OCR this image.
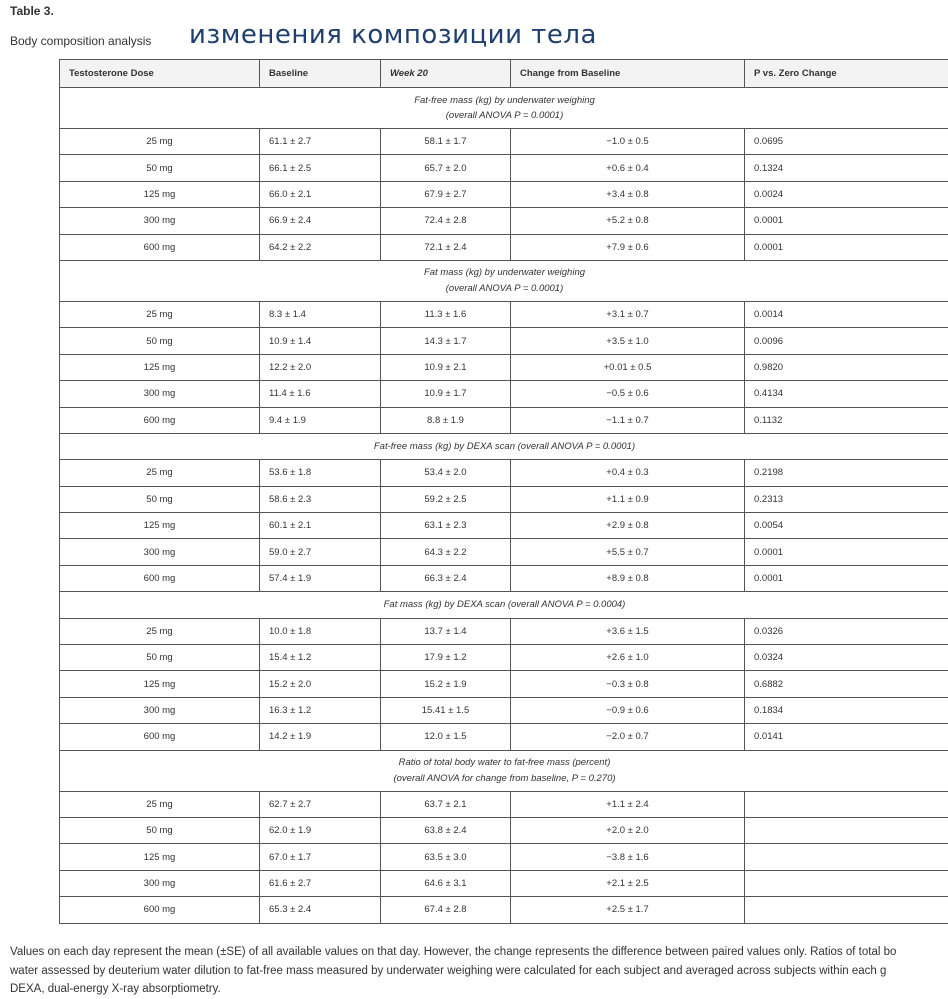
Table 3.
Body composition analysis изменения композиции тела
Testosterone Dose	Baseline	Week 20	Change from Baseline	P vs. Zero Change

Fat-free mass (kg) by underwater weighing
(overall ANOVA P = 0.0001)				

25 mg	61.1 ± 2.7	58.1 ± 1.7	−1.0 ± 0.5	0.0695
50 mg	66.1 ± 2.5	65.7 ± 2.0	+0.6 ± 0.4	0.1324
125 mg	66.0 ± 2.1	67.9 ± 2.7	+3.4 ± 0.8	0.0024
300 mg	66.9 ± 2.4	72.4 ± 2.8	+5.2 ± 0.8	0.0001
600 mg	64.2 ± 2.2	72.1 ± 2.4	+7.9 ± 0.6	0.0001

Fat mass (kg) by underwater weighing
(overall ANOVA P = 0.0001)				

25 mg	8.3 ± 1.4	11.3 ± 1.6	+3.1 ± 0.7	0.0014
50 mg	10.9 ± 1.4	14.3 ± 1.7	+3.5 ± 1.0	0.0096
125 mg	12.2 ± 2.0	10.9 ± 2.1	+0.01 ± 0.5	0.9820
300 mg	11.4 ± 1.6	10.9 ± 1.7	−0.5 ± 0.6	0.4134
600 mg	9.4 ± 1.9	8.8 ± 1.9	−1.1 ± 0.7	0.1132

Fat-free mass (kg) by DEXA scan (overall ANOVA P = 0.0001)				

25 mg	53.6 ± 1.8	53.4 ± 2.0	+0.4 ± 0.3	0.2198
50 mg	58.6 ± 2.3	59.2 ± 2.5	+1.1 ± 0.9	0.2313
125 mg	60.1 ± 2.1	63.1 ± 2.3	+2.9 ± 0.8	0.0054
300 mg	59.0 ± 2.7	64.3 ± 2.2	+5.5 ± 0.7	0.0001
600 mg	57.4 ± 1.9	66.3 ± 2.4	+8.9 ± 0.8	0.0001

Fat mass (kg) by DEXA scan (overall ANOVA P = 0.0004)				

25 mg	10.0 ± 1.8	13.7 ± 1.4	+3.6 ± 1.5	0.0326
50 mg	15.4 ± 1.2	17.9 ± 1.2	+2.6 ± 1.0	0.0324
125 mg	15.2 ± 2.0	15.2 ± 1.9	−0.3 ± 0.8	0.6882
300 mg	16.3 ± 1.2	15.41 ± 1.5	−0.9 ± 0.6	0.1834
600 mg	14.2 ± 1.9	12.0 ± 1.5	−2.0 ± 0.7	0.0141

Ratio of total body water to fat-free mass (percent)
(overall ANOVA for change from baseline, P = 0.270)				

25 mg	62.7 ± 2.7	63.7 ± 2.1	+1.1 ± 2.4	
50 mg	62.0 ± 1.9	63.8 ± 2.4	+2.0 ± 2.0	
125 mg	67.0 ± 1.7	63.5 ± 3.0	−3.8 ± 1.6	
300 mg	61.6 ± 2.7	64.6 ± 3.1	+2.1 ± 2.5	
600 mg	65.3 ± 2.4	67.4 ± 2.8	+2.5 ± 1.7	
Values on each day represent the mean (±SE) of all available values on that day. However, the change represents the difference between paired values only. Ratios of total bo
water assessed by deuterium water dilution to fat-free mass measured by underwater weighing were calculated for each subject and averaged across subjects within each g
DEXA, dual-energy X-ray absorptiometry.
